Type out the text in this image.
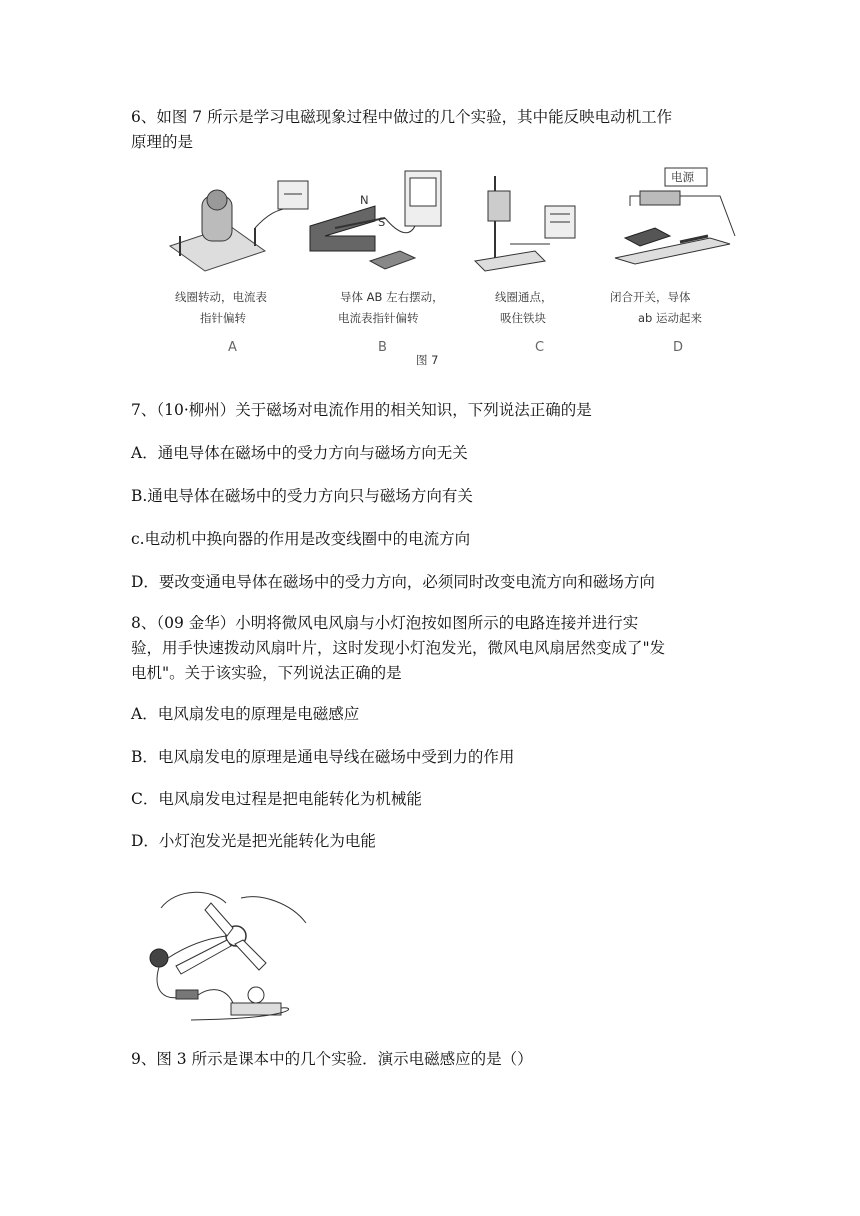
6、如图 7 所示是学习电磁现象过程中做过的几个实验，其中能反映电动机工作

原理的是

线圈转动，电流表
指针偏转
A
N
S
导体 AB 左右摆动，
电流表指针偏转
B
线圈通点，
吸住铁块
C
电源
闭合开关，导体
ab 运动起来
D
图 7

7、（10·柳州）关于磁场对电流作用的相关知识，下列说法正确的是

A．通电导体在磁场中的受力方向与磁场方向无关

B.通电导体在磁场中的受力方向只与磁场方向有关

c.电动机中换向器的作用是改变线圈中的电流方向

D．要改变通电导体在磁场中的受力方向，必须同时改变电流方向和磁场方向

8、（09 金华）小明将微风电风扇与小灯泡按如图所示的电路连接并进行实

验，用手快速拨动风扇叶片，这时发现小灯泡发光，微风电风扇居然变成了"发

电机"。关于该实验，下列说法正确的是

A．电风扇发电的原理是电磁感应

B．电风扇发电的原理是通电导线在磁场中受到力的作用

C．电风扇发电过程是把电能转化为机械能

D．小灯泡发光是把光能转化为电能

9、图 3 所示是课本中的几个实验．演示电磁感应的是（）
